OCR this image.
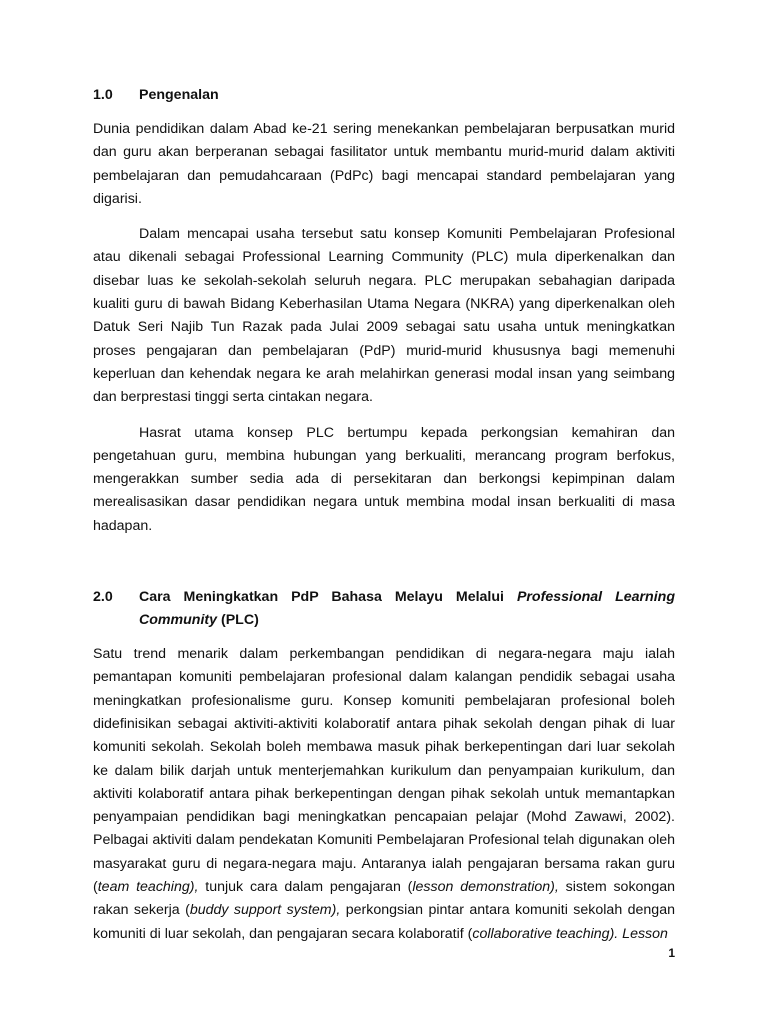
1.0	Pengenalan

Dunia pendidikan dalam Abad ke-21 sering menekankan pembelajaran berpusatkan murid dan guru akan berperanan sebagai fasilitator untuk membantu murid-murid dalam aktiviti pembelajaran dan pemudahcaraan (PdPc) bagi mencapai standard pembelajaran yang digarisi.

Dalam mencapai usaha tersebut satu konsep Komuniti Pembelajaran Profesional atau dikenali sebagai Professional Learning Community (PLC) mula diperkenalkan dan disebar luas ke sekolah-sekolah seluruh negara. PLC merupakan sebahagian daripada kualiti guru di bawah Bidang Keberhasilan Utama Negara (NKRA) yang diperkenalkan oleh Datuk Seri Najib Tun Razak pada Julai 2009 sebagai satu usaha untuk meningkatkan proses pengajaran dan pembelajaran (PdP) murid-murid khususnya bagi memenuhi keperluan dan kehendak negara ke arah melahirkan generasi modal insan yang seimbang dan berprestasi tinggi serta cintakan negara.

Hasrat utama konsep PLC bertumpu kepada perkongsian kemahiran dan pengetahuan guru, membina hubungan yang berkualiti, merancang program berfokus, mengerakkan sumber sedia ada di persekitaran dan berkongsi kepimpinan dalam merealisasikan dasar pendidikan negara untuk membina modal insan berkualiti di masa hadapan.

2.0	Cara Meningkatkan PdP Bahasa Melayu Melalui Professional Learning Community (PLC)

Satu trend menarik dalam perkembangan pendidikan di negara-negara maju ialah pemantapan komuniti pembelajaran profesional dalam kalangan pendidik sebagai usaha meningkatkan profesionalisme guru. Konsep komuniti pembelajaran profesional boleh didefinisikan sebagai aktiviti-aktiviti kolaboratif antara pihak sekolah dengan pihak di luar komuniti sekolah. Sekolah boleh membawa masuk pihak berkepentingan dari luar sekolah ke dalam bilik darjah untuk menterjemahkan kurikulum dan penyampaian kurikulum, dan aktiviti kolaboratif antara pihak berkepentingan dengan pihak sekolah untuk memantapkan penyampaian pendidikan bagi meningkatkan pencapaian pelajar (Mohd Zawawi, 2002). Pelbagai aktiviti dalam pendekatan Komuniti Pembelajaran Profesional telah digunakan oleh masyarakat guru di negara-negara maju. Antaranya ialah pengajaran bersama rakan guru (team teaching), tunjuk cara dalam pengajaran (lesson demonstration), sistem sokongan rakan sekerja (buddy support system), perkongsian pintar antara komuniti sekolah dengan komuniti di luar sekolah, dan pengajaran secara kolaboratif (collaborative teaching). Lesson

1
